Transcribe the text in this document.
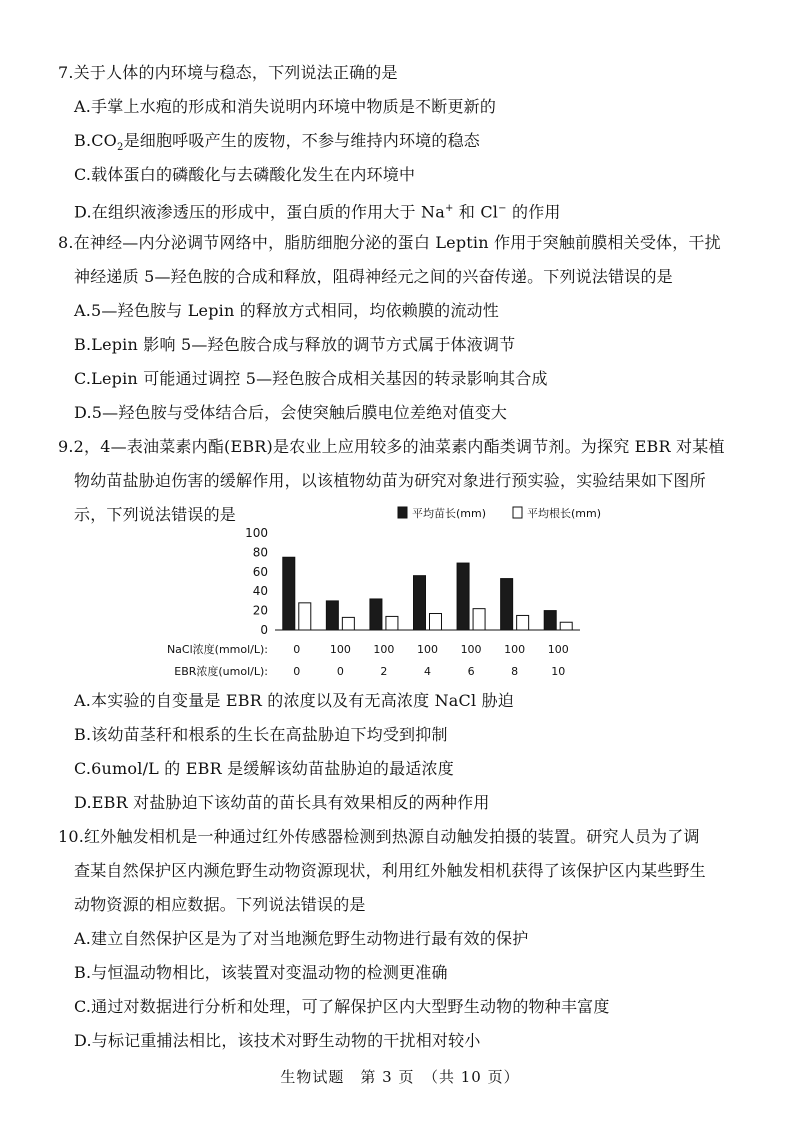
7.关于人体的内环境与稳态，下列说法正确的是
A.手掌上水疱的形成和消失说明内环境中物质是不断更新的
$B.CO_2$是细胞呼吸产生的废物，不参与维持内环境的稳态
C.载体蛋白的磷酸化与去磷酸化发生在内环境中
D.在组织液渗透压的形成中，蛋白质的作用大于 Na+ 和 Cl− 的作用
8.在神经—内分泌调节网络中，脂肪细胞分泌的蛋白 Leptin 作用于突触前膜相关受体，干扰
神经递质 5—羟色胺的合成和释放，阻碍神经元之间的兴奋传递。下列说法错误的是
A.5—羟色胺与 Lepin 的释放方式相同，均依赖膜的流动性
B.Lepin 影响 5—羟色胺合成与释放的调节方式属于体液调节
C.Lepin 可能通过调控 5—羟色胺合成相关基因的转录影响其合成
D.5—羟色胺与受体结合后，会使突触后膜电位差绝对值变大
9.2，4—表油菜素内酯(EBR)是农业上应用较多的油菜素内酯类调节剂。为探究 EBR 对某植
物幼苗盐胁迫伤害的缓解作用，以该植物幼苗为研究对象进行预实验，实验结果如下图所
示，下列说法错误的是	平均苗长(mm)	平均根长(mm)
100
80
60
40
20
0
NaCl浓度(mmol/L):
EBR浓度(umol/L):
0
0
100
0
100
2
100
4
100
6
100
8
100
10
A.本实验的自变量是 EBR 的浓度以及有无高浓度 NaCl 胁迫
B.该幼苗茎秆和根系的生长在高盐胁迫下均受到抑制
C.6umol/L 的 EBR 是缓解该幼苗盐胁迫的最适浓度
D.EBR 对盐胁迫下该幼苗的苗长具有效果相反的两种作用
10.红外触发相机是一种通过红外传感器检测到热源自动触发拍摄的装置。研究人员为了调
查某自然保护区内濒危野生动物资源现状，利用红外触发相机获得了该保护区内某些野生
动物资源的相应数据。下列说法错误的是
A.建立自然保护区是为了对当地濒危野生动物进行最有效的保护
B.与恒温动物相比，该装置对变温动物的检测更准确
C.通过对数据进行分析和处理，可了解保护区内大型野生动物的物种丰富度
D.与标记重捕法相比，该技术对野生动物的干扰相对较小
生物试题　第 3 页　（共 10 页）
